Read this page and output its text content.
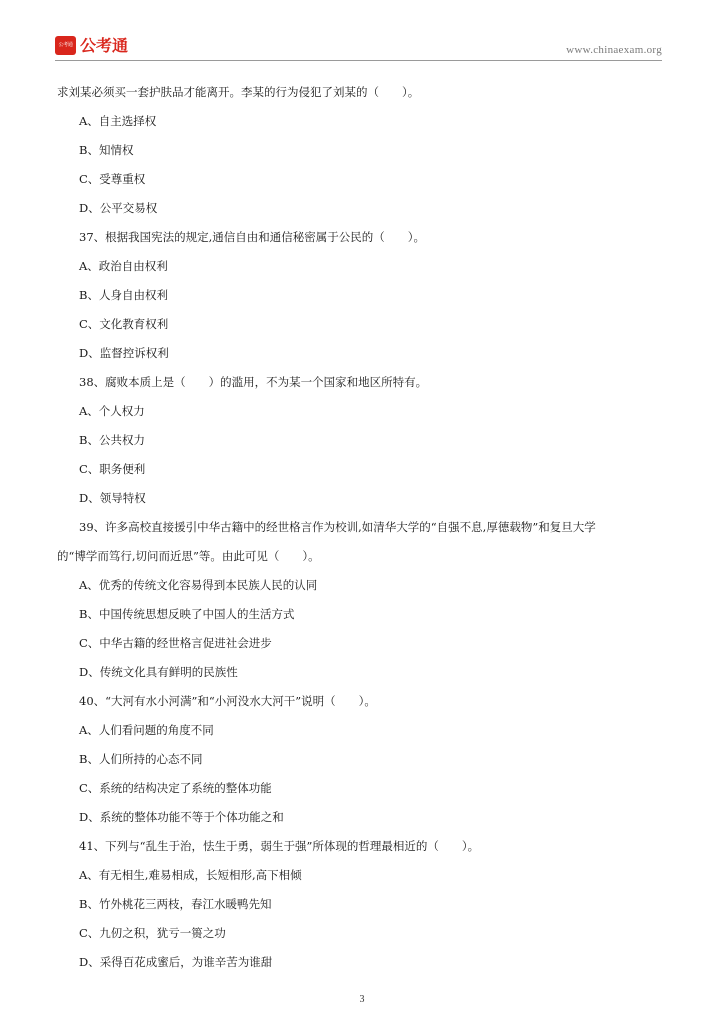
公考通 公考通	www.chinaexam.org
求刘某必须买一套护肤品才能离开。李某的行为侵犯了刘某的（　　）。
A、自主选择权
B、知情权
C、受尊重权
D、公平交易权
37、根据我国宪法的规定,通信自由和通信秘密属于公民的（　　）。
A、政治自由权利
B、人身自由权利
C、文化教育权利
D、监督控诉权利
38、腐败本质上是（　　）的滥用，不为某一个国家和地区所特有。
A、个人权力
B、公共权力
C、职务便利
D、领导特权
39、许多高校直接援引中华古籍中的经世格言作为校训,如清华大学的“自强不息,厚德载物”和复旦大学
的“博学而笃行,切问而近思”等。由此可见（　　）。
A、优秀的传统文化容易得到本民族人民的认同
B、中国传统思想反映了中国人的生活方式
C、中华古籍的经世格言促进社会进步
D、传统文化具有鲜明的民族性
40、“大河有水小河满”和“小河没水大河干”说明（　　）。
A、人们看问题的角度不同
B、人们所持的心态不同
C、系统的结构决定了系统的整体功能
D、系统的整体功能不等于个体功能之和
41、下列与“乱生于治，怯生于勇，弱生于强”所体现的哲理最相近的（　　）。
A、有无相生,难易相成，长短相形,高下相倾
B、竹外桃花三两枝，春江水暖鸭先知
C、九仞之积，犹亏一篑之功
D、采得百花成蜜后，为谁辛苦为谁甜
3
